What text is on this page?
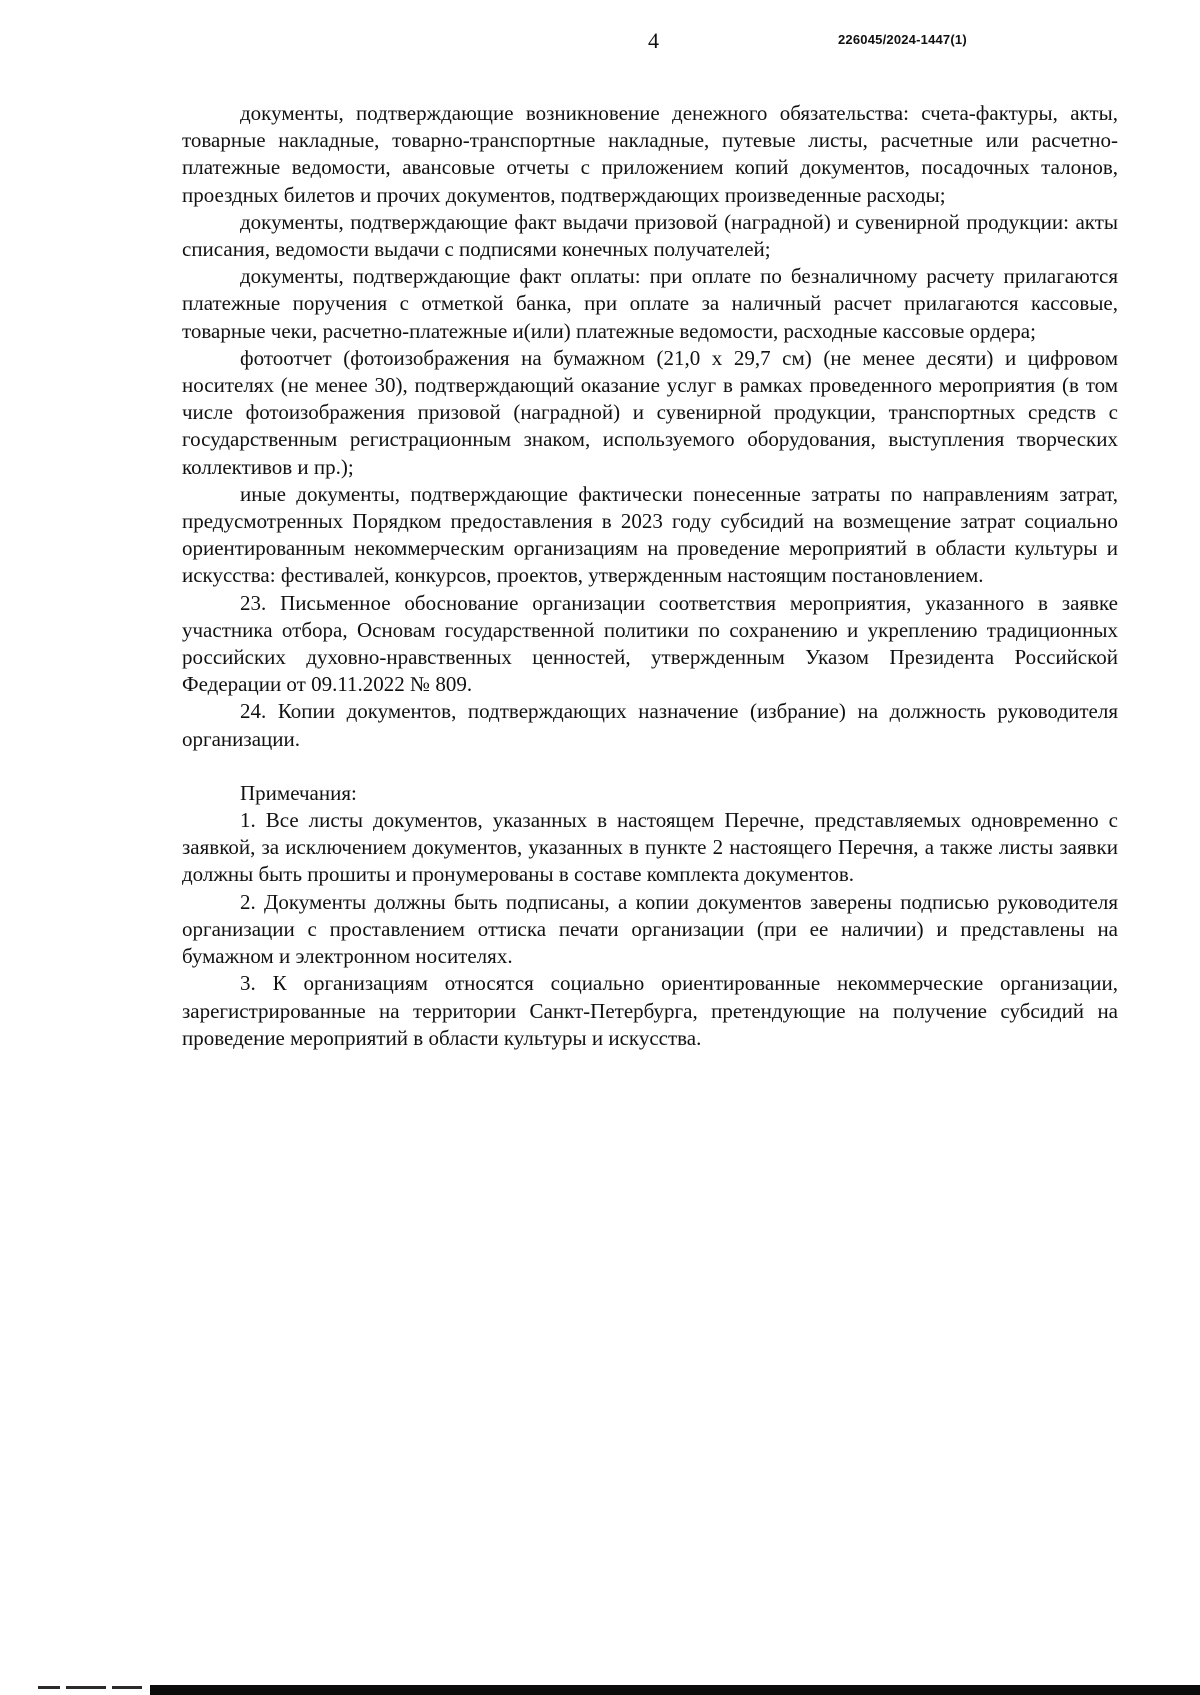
4	226045/2024-1447(1)

документы, подтверждающие возникновение денежного обязательства: счета-фактуры, акты, товарные накладные, товарно-транспортные накладные, путевые листы, расчетные или расчетно-платежные ведомости, авансовые отчеты с приложением копий документов, посадочных талонов, проездных билетов и прочих документов, подтверждающих произведенные расходы;

документы, подтверждающие факт выдачи призовой (наградной) и сувенирной продукции: акты списания, ведомости выдачи с подписями конечных получателей;

документы, подтверждающие факт оплаты: при оплате по безналичному расчету прилагаются платежные поручения с отметкой банка, при оплате за наличный расчет прилагаются кассовые, товарные чеки, расчетно-платежные и(или) платежные ведомости, расходные кассовые ордера;

фотоотчет (фотоизображения на бумажном (21,0 x 29,7 см) (не менее десяти) и цифровом носителях (не менее 30), подтверждающий оказание услуг в рамках проведенного мероприятия (в том числе фотоизображения призовой (наградной) и сувенирной продукции, транспортных средств с государственным регистрационным знаком, используемого оборудования, выступления творческих коллективов и пр.);

иные документы, подтверждающие фактически понесенные затраты по направлениям затрат, предусмотренных Порядком предоставления в 2023 году субсидий на возмещение затрат социально ориентированным некоммерческим организациям на проведение мероприятий в области культуры и искусства: фестивалей, конкурсов, проектов, утвержденным настоящим постановлением.

23. Письменное обоснование организации соответствия мероприятия, указанного в заявке участника отбора, Основам государственной политики по сохранению и укреплению традиционных российских духовно-нравственных ценностей, утвержденным Указом Президента Российской Федерации от 09.11.2022 № 809.

24. Копии документов, подтверждающих назначение (избрание) на должность руководителя организации.

Примечания:

1. Все листы документов, указанных в настоящем Перечне, представляемых одновременно с заявкой, за исключением документов, указанных в пункте 2 настоящего Перечня, а также листы заявки должны быть прошиты и пронумерованы в составе комплекта документов.

2. Документы должны быть подписаны, а копии документов заверены подписью руководителя организации с проставлением оттиска печати организации (при ее наличии) и представлены на бумажном и электронном носителях.

3. К организациям относятся социально ориентированные некоммерческие организации, зарегистрированные на территории Санкт-Петербурга, претендующие на получение субсидий на проведение мероприятий в области культуры и искусства.
